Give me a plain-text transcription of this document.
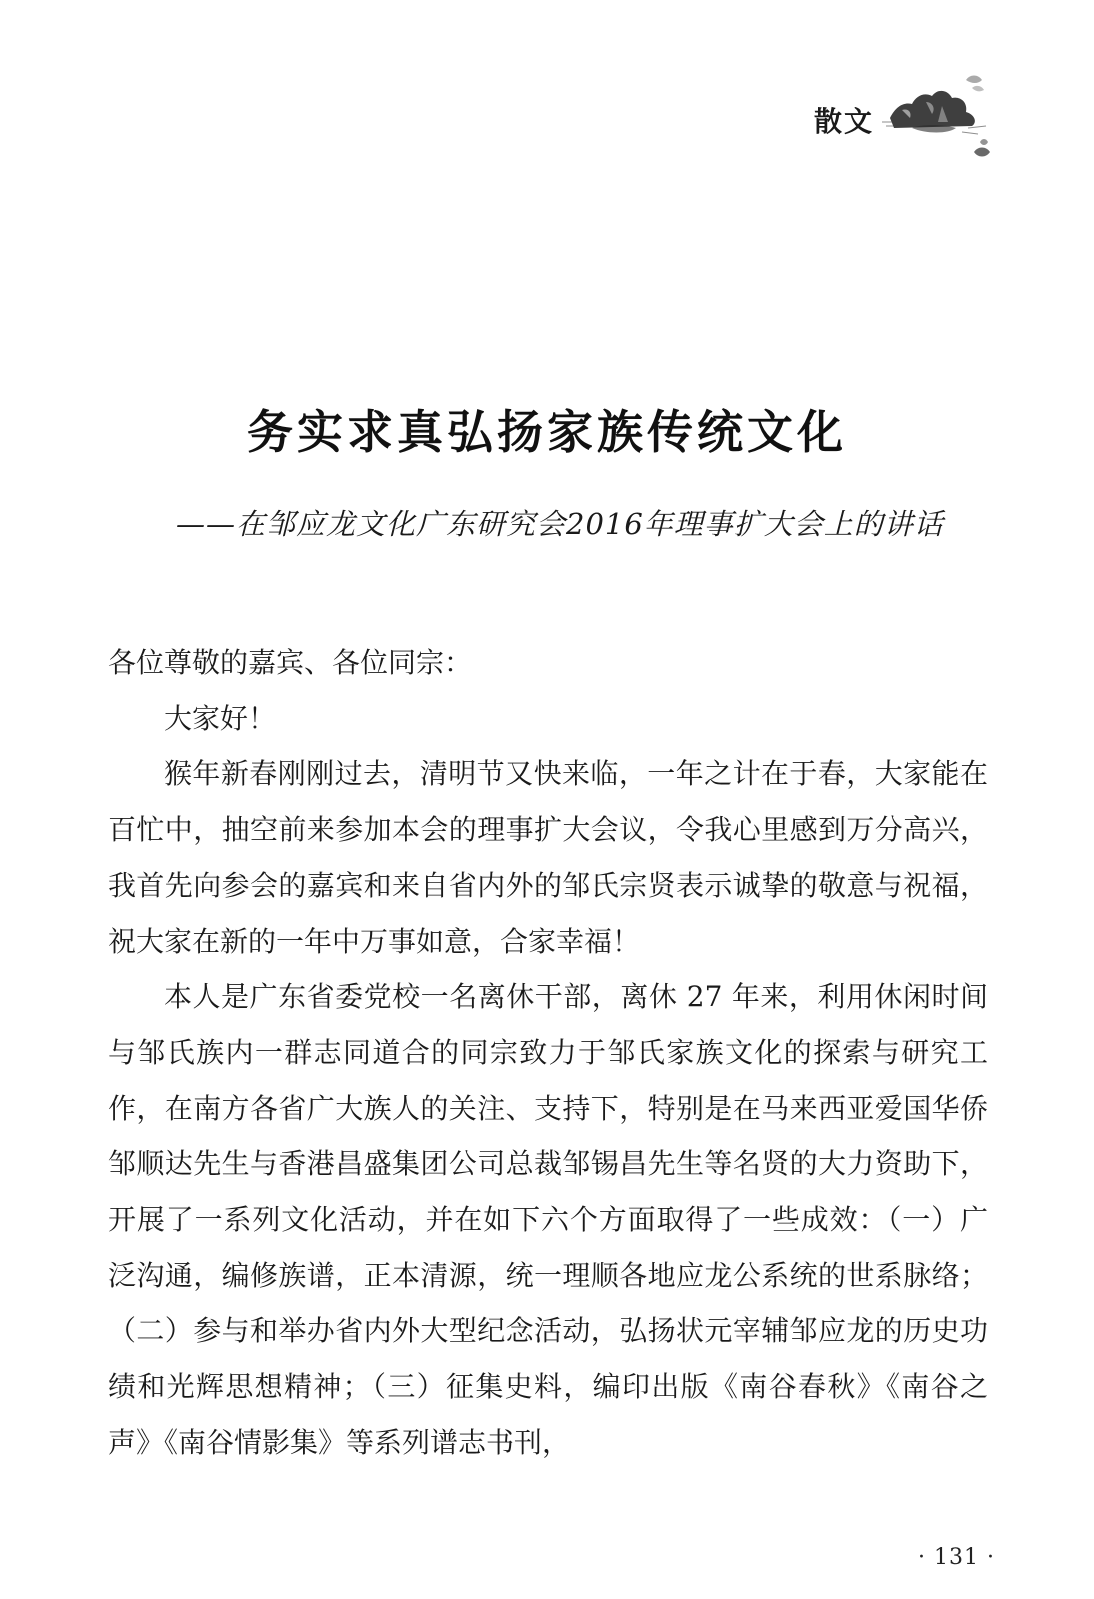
散文
务实求真弘扬家族传统文化
——在邹应龙文化广东研究会2016年理事扩大会上的讲话

各位尊敬的嘉宾、各位同宗：

大家好！

猴年新春刚刚过去，清明节又快来临，一年之计在于春，大家能在百忙中，抽空前来参加本会的理事扩大会议，令我心里感到万分高兴，我首先向参会的嘉宾和来自省内外的邹氏宗贤表示诚挚的敬意与祝福，祝大家在新的一年中万事如意，合家幸福！

本人是广东省委党校一名离休干部，离休 27 年来，利用休闲时间与邹氏族内一群志同道合的同宗致力于邹氏家族文化的探索与研究工作，在南方各省广大族人的关注、支持下，特别是在马来西亚爱国华侨邹顺达先生与香港昌盛集团公司总裁邹锡昌先生等名贤的大力资助下，开展了一系列文化活动，并在如下六个方面取得了一些成效：（一）广泛沟通，编修族谱，正本清源，统一理顺各地应龙公系统的世系脉络；（二）参与和举办省内外大型纪念活动，弘扬状元宰辅邹应龙的历史功绩和光辉思想精神；（三）征集史料，编印出版《南谷春秋》《南谷之声》《南谷情影集》等系列谱志书刊，

· 131 ·
